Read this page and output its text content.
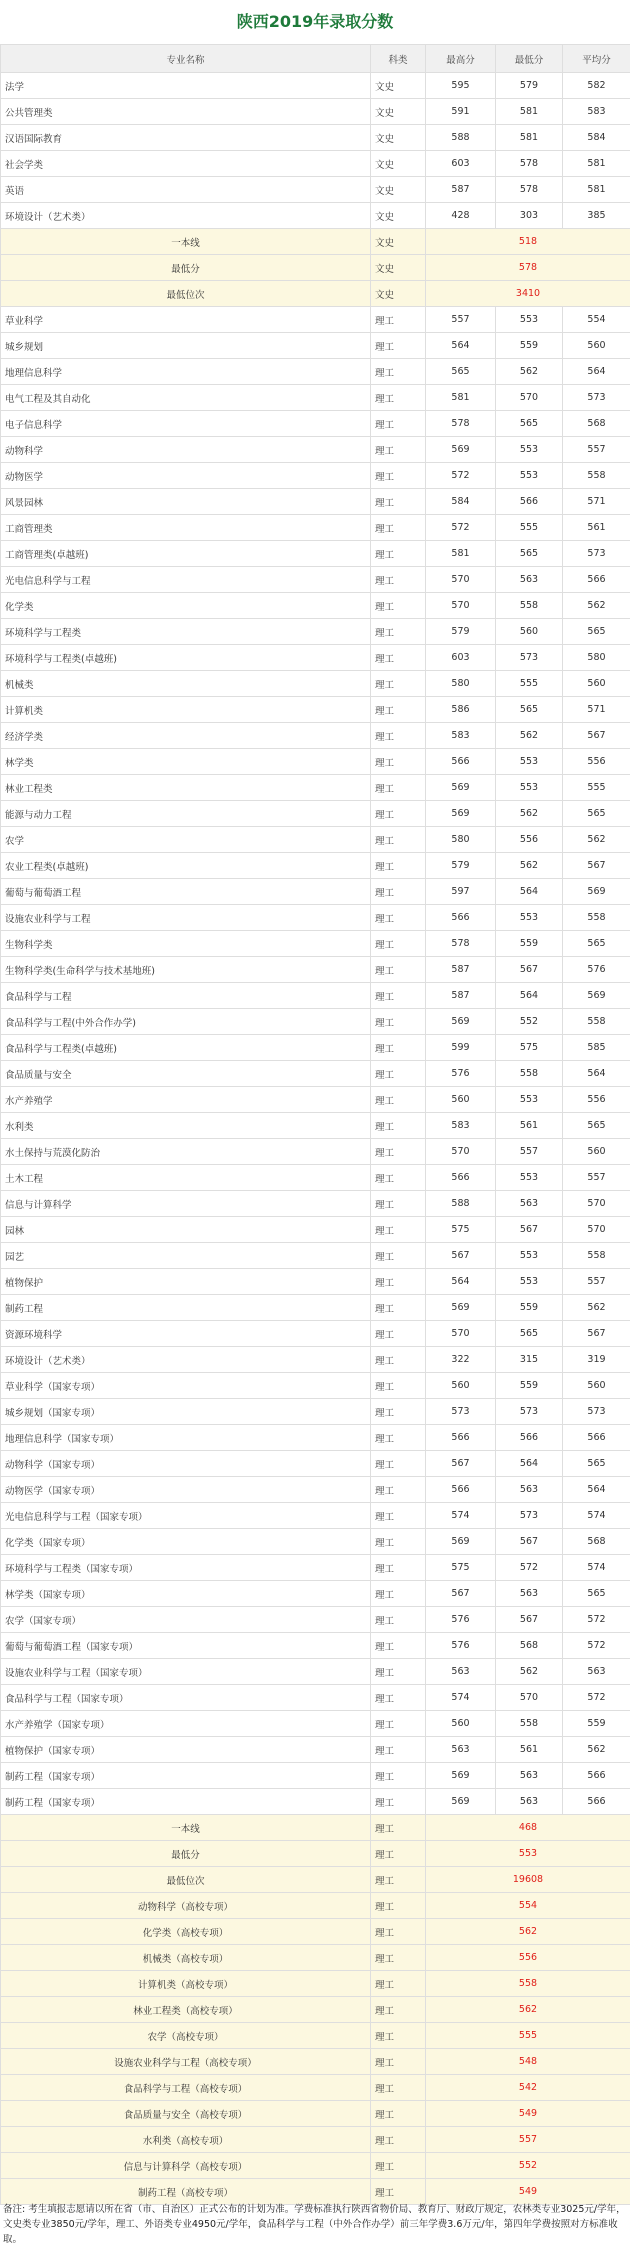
陕西2019年录取分数
专业名称	科类	最高分	最低分	平均分
法学	文史	595	579	582
公共管理类	文史	591	581	583
汉语国际教育	文史	588	581	584
社会学类	文史	603	578	581
英语	文史	587	578	581
环境设计（艺术类）	文史	428	303	385
一本线	文史	518		
最低分	文史	578		
最低位次	文史	3410		
草业科学	理工	557	553	554
城乡规划	理工	564	559	560
地理信息科学	理工	565	562	564
电气工程及其自动化	理工	581	570	573
电子信息科学	理工	578	565	568
动物科学	理工	569	553	557
动物医学	理工	572	553	558
风景园林	理工	584	566	571
工商管理类	理工	572	555	561
工商管理类(卓越班)	理工	581	565	573
光电信息科学与工程	理工	570	563	566
化学类	理工	570	558	562
环境科学与工程类	理工	579	560	565
环境科学与工程类(卓越班)	理工	603	573	580
机械类	理工	580	555	560
计算机类	理工	586	565	571
经济学类	理工	583	562	567
林学类	理工	566	553	556
林业工程类	理工	569	553	555
能源与动力工程	理工	569	562	565
农学	理工	580	556	562
农业工程类(卓越班)	理工	579	562	567
葡萄与葡萄酒工程	理工	597	564	569
设施农业科学与工程	理工	566	553	558
生物科学类	理工	578	559	565
生物科学类(生命科学与技术基地班)	理工	587	567	576
食品科学与工程	理工	587	564	569
食品科学与工程(中外合作办学)	理工	569	552	558
食品科学与工程类(卓越班)	理工	599	575	585
食品质量与安全	理工	576	558	564
水产养殖学	理工	560	553	556
水利类	理工	583	561	565
水土保持与荒漠化防治	理工	570	557	560
土木工程	理工	566	553	557
信息与计算科学	理工	588	563	570
园林	理工	575	567	570
园艺	理工	567	553	558
植物保护	理工	564	553	557
制药工程	理工	569	559	562
资源环境科学	理工	570	565	567
环境设计（艺术类）	理工	322	315	319
草业科学（国家专项）	理工	560	559	560
城乡规划（国家专项）	理工	573	573	573
地理信息科学（国家专项）	理工	566	566	566
动物科学（国家专项）	理工	567	564	565
动物医学（国家专项）	理工	566	563	564
光电信息科学与工程（国家专项）	理工	574	573	574
化学类（国家专项）	理工	569	567	568
环境科学与工程类（国家专项）	理工	575	572	574
林学类（国家专项）	理工	567	563	565
农学（国家专项）	理工	576	567	572
葡萄与葡萄酒工程（国家专项）	理工	576	568	572
设施农业科学与工程（国家专项）	理工	563	562	563
食品科学与工程（国家专项）	理工	574	570	572
水产养殖学（国家专项）	理工	560	558	559
植物保护（国家专项）	理工	563	561	562
制药工程（国家专项）	理工	569	563	566
制药工程（国家专项）	理工	569	563	566
一本线	理工	468		
最低分	理工	553		
最低位次	理工	19608		
动物科学（高校专项）	理工	554		
化学类（高校专项）	理工	562		
机械类（高校专项）	理工	556		
计算机类（高校专项）	理工	558		
林业工程类（高校专项）	理工	562		
农学（高校专项）	理工	555		
设施农业科学与工程（高校专项）	理工	548		
食品科学与工程（高校专项）	理工	542		
食品质量与安全（高校专项）	理工	549		
水利类（高校专项）	理工	557		
信息与计算科学（高校专项）	理工	552		
制药工程（高校专项）	理工	549		

备注: 考生填报志愿请以所在省（市、自治区）正式公布的计划为准。学费标准执行陕西省物价局、教育厅、财政厅规定，农林类专业3025元/学年，文史类专业3850元/学年，理工、外语类专业4950元/学年，食品科学与工程（中外合作办学）前三年学费3.6万元/年，第四年学费按照对方标准收取。
